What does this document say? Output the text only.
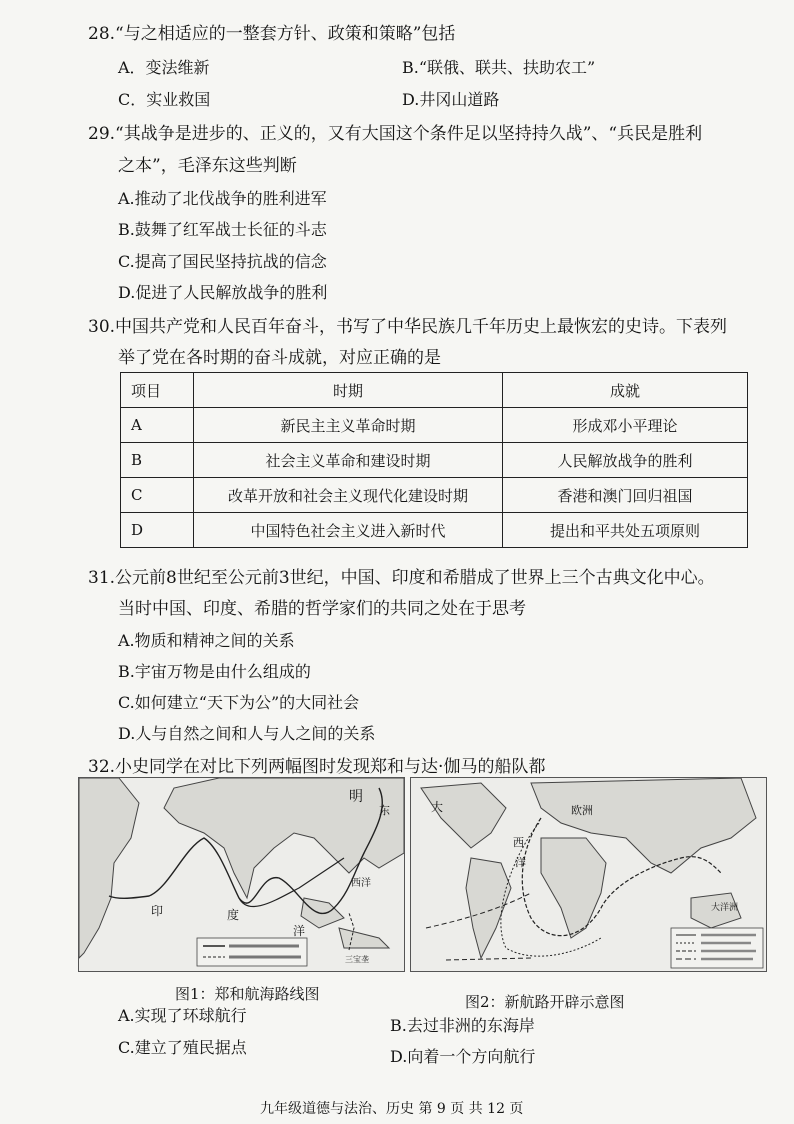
28.“与之相适应的一整套方针、政策和策略”包括
A．变法维新	B.“联俄、联共、扶助农工”
C．实业救国	D.井冈山道路
29.“其战争是进步的、正义的，又有大国这个条件足以坚持持久战”、“兵民是胜利
之本”，毛泽东这些判断
A.推动了北伐战争的胜利进军
B.鼓舞了红军战士长征的斗志
C.提高了国民坚持抗战的信念
D.促进了人民解放战争的胜利
30.中国共产党和人民百年奋斗，书写了中华民族几千年历史上最恢宏的史诗。下表列
举了党在各时期的奋斗成就，对应正确的是
项目	时期	成就
A	新民主主义革命时期	形成邓小平理论
B	社会主义革命和建设时期	人民解放战争的胜利
C	改革开放和社会主义现代化建设时期	香港和澳门回归祖国
D	中国特色社会主义进入新时代	提出和平共处五项原则
31.公元前8世纪至公元前3世纪，中国、印度和希腊成了世界上三个古典文化中心。
当时中国、印度、希腊的哲学家们的共同之处在于思考
A.物质和精神之间的关系
B.宇宙万物是由什么组成的
C.如何建立“天下为公”的大同社会
D.人与自然之间和人与人之间的关系
32.小史同学在对比下列两幅图时发现郑和与达·伽马的船队都
明
东
西洋
印	度
洋
三宝垄
大	欧洲
西
洋
大洋洲
图1：郑和航海路线图	图2：新航路开辟示意图
A.实现了环球航行
B.去过非洲的东海岸
C.建立了殖民据点	D.向着一个方向航行
九年级道德与法治、历史 第 9 页 共 12 页
